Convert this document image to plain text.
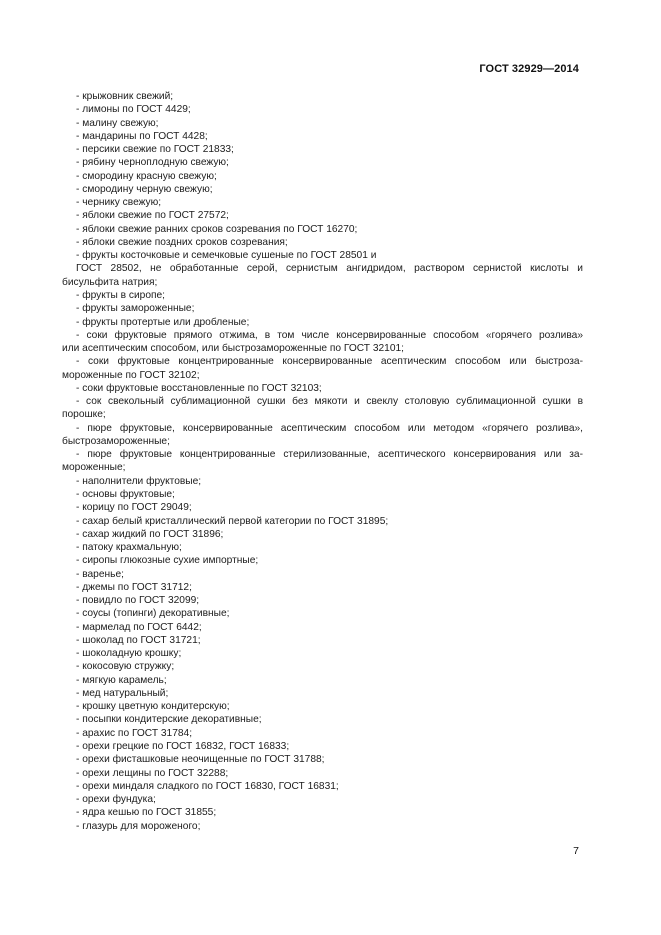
ГОСТ 32929—2014
- крыжовник свежий;
- лимоны по ГОСТ 4429;
- малину свежую;
- мандарины по ГОСТ 4428;
- персики свежие по ГОСТ 21833;
- рябину черноплодную свежую;
- смородину красную свежую;
- смородину черную свежую;
- чернику свежую;
- яблоки свежие по ГОСТ 27572;
- яблоки свежие ранних сроков созревания по ГОСТ 16270;
- яблоки свежие поздних сроков созревания;
- фрукты косточковые и семечковые сушеные по ГОСТ 28501 и
ГОСТ 28502, не обработанные серой, сернистым ангидридом, раствором сернистой кислоты и
бисульфита натрия;
- фрукты в сиропе;
- фрукты замороженные;
- фрукты протертые или дробленые;
- соки фруктовые прямого отжима, в том числе консервированные способом «горячего розлива»
или асептическим способом, или быстрозамороженные по ГОСТ 32101;
- соки фруктовые концентрированные консервированные асептическим способом или быстроза-
мороженные по ГОСТ 32102;
- соки фруктовые восстановленные по ГОСТ 32103;
- сок свекольный сублимационной сушки без мякоти и свеклу столовую сублимационной сушки в
порошке;
- пюре фруктовые, консервированные асептическим способом или методом «горячего розлива»,
быстрозамороженные;
- пюре фруктовые концентрированные стерилизованные, асептического консервирования или за-
мороженные;
- наполнители фруктовые;
- основы фруктовые;
- корицу по ГОСТ 29049;
- сахар белый кристаллический первой категории по ГОСТ 31895;
- сахар жидкий по ГОСТ 31896;
- патоку крахмальную;
- сиропы глюкозные сухие импортные;
- варенье;
- джемы по ГОСТ 31712;
- повидло по ГОСТ 32099;
- соусы (топинги) декоративные;
- мармелад по ГОСТ 6442;
- шоколад по ГОСТ 31721;
- шоколадную крошку;
- кокосовую стружку;
- мягкую карамель;
- мед натуральный;
- крошку цветную кондитерскую;
- посыпки кондитерские декоративные;
- арахис по ГОСТ 31784;
- орехи грецкие по ГОСТ 16832, ГОСТ 16833;
- орехи фисташковые неочищенные по ГОСТ 31788;
- орехи лещины по ГОСТ 32288;
- орехи миндаля сладкого по ГОСТ 16830, ГОСТ 16831;
- орехи фундука;
- ядра кешью по ГОСТ 31855;
- глазурь для мороженого;
7
